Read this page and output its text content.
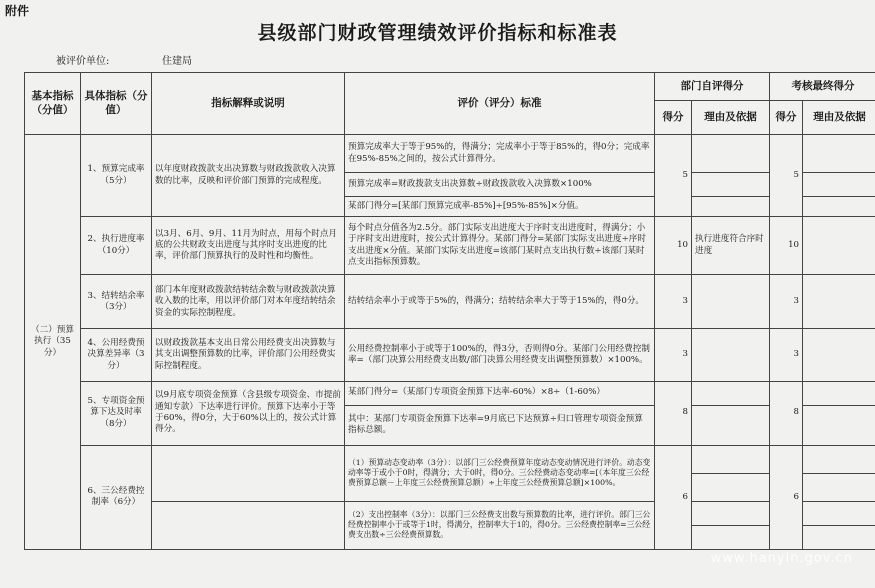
附件
县级部门财政管理绩效评价指标和标准表
被评价单位:	住建局
基本指标（分值）	具体指标（分值）	指标解释或说明	评价（评分）标准	部门自评得分		考核最终得分	
				得分	理由及依据	得分	理由及依据
（二）预算执行（35分）	1、预算完成率（5分）	以年度财政拨款支出决算数与财政拨款收入决算数的比率，反映和评价部门预算的完成程度。	预算完成率大于等于95%的，得满分；完成率小于等于85%的，得0分；完成率在95%-85%之间的，按公式计算得分。	5		5	
			预算完成率=财政拨款支出决算数÷财政拨款收入决算数×100%				
			某部门得分=[某部门预算完成率-85%]÷[95%-85%]×分值。				
	2、执行进度率（10分）	以3月、6月、9月、11月为时点，用每个时点月底的公共财政支出进度与其序时支出进度的比率，评价部门预算执行的及时性和均衡性。	每个时点分值各为2.5分。部门实际支出进度大于序时支出进度时，得满分；小于序时支出进度时，按公式计算得分。某部门得分=某部门实际支出进度÷序时支出进度×分值。某部门实际支出进度=该部门某时点支出执行数÷该部门某时点支出指标预算数。	10	执行进度符合序时进度	10	
	3、结转结余率（3分）	部门本年度财政拨款结转结余数与财政拨款决算收入数的比率，用以评价部门对本年度结转结余资金的实际控制程度。	结转结余率小于或等于5%的，得满分；结转结余率大于等于15%的，得0分。	3		3	
	4、公用经费预决算差异率（3分）	以财政拨款基本支出日常公用经费支出决算数与其支出调整预算数的比率，评价部门公用经费实际控制程度。	公用经费控制率小于或等于100%的，得3分，否则得0分。某部门公用经费控制率=（部门决算公用经费支出数/部门决算公用经费支出调整预算数）×100%。	3		3	
	5、专项资金预算下达及时率（8分）	以9月底专项资金预算（含县级专项资金、市提前通知专款）下达率进行评价。预算下达率小于等于60%，得0分，大于60%以上的，按公式计算得分。	某部门得分=（某部门专项资金预算下达率-60%）×8÷（1-60%）	8		8	
			其中：某部门专项资金预算下达率=9月底已下达预算÷归口管理专项资金预算指标总额。				
	6、三公经费控制率（6分）		（1）预算动态变动率（3分）：以部门三公经费预算年度动态变动情况进行评价。动态变动率等于或小于0时，得满分；大于0时，得0分。三公经费动态变动率=[（本年度三公经费预算总额－上年度三公经费预算总额）÷上年度三公经费预算总额]×100%。	6		6	

			（2）支出控制率（3分）：以部门三公经费支出数与预算数的比率，进行评价。部门三公经费控制率小于或等于1时，得满分，控制率大于1的，得0分。三公经费控制率=三公经费支出数÷三公经费预算数。				

www.hanyin.gov.cn
